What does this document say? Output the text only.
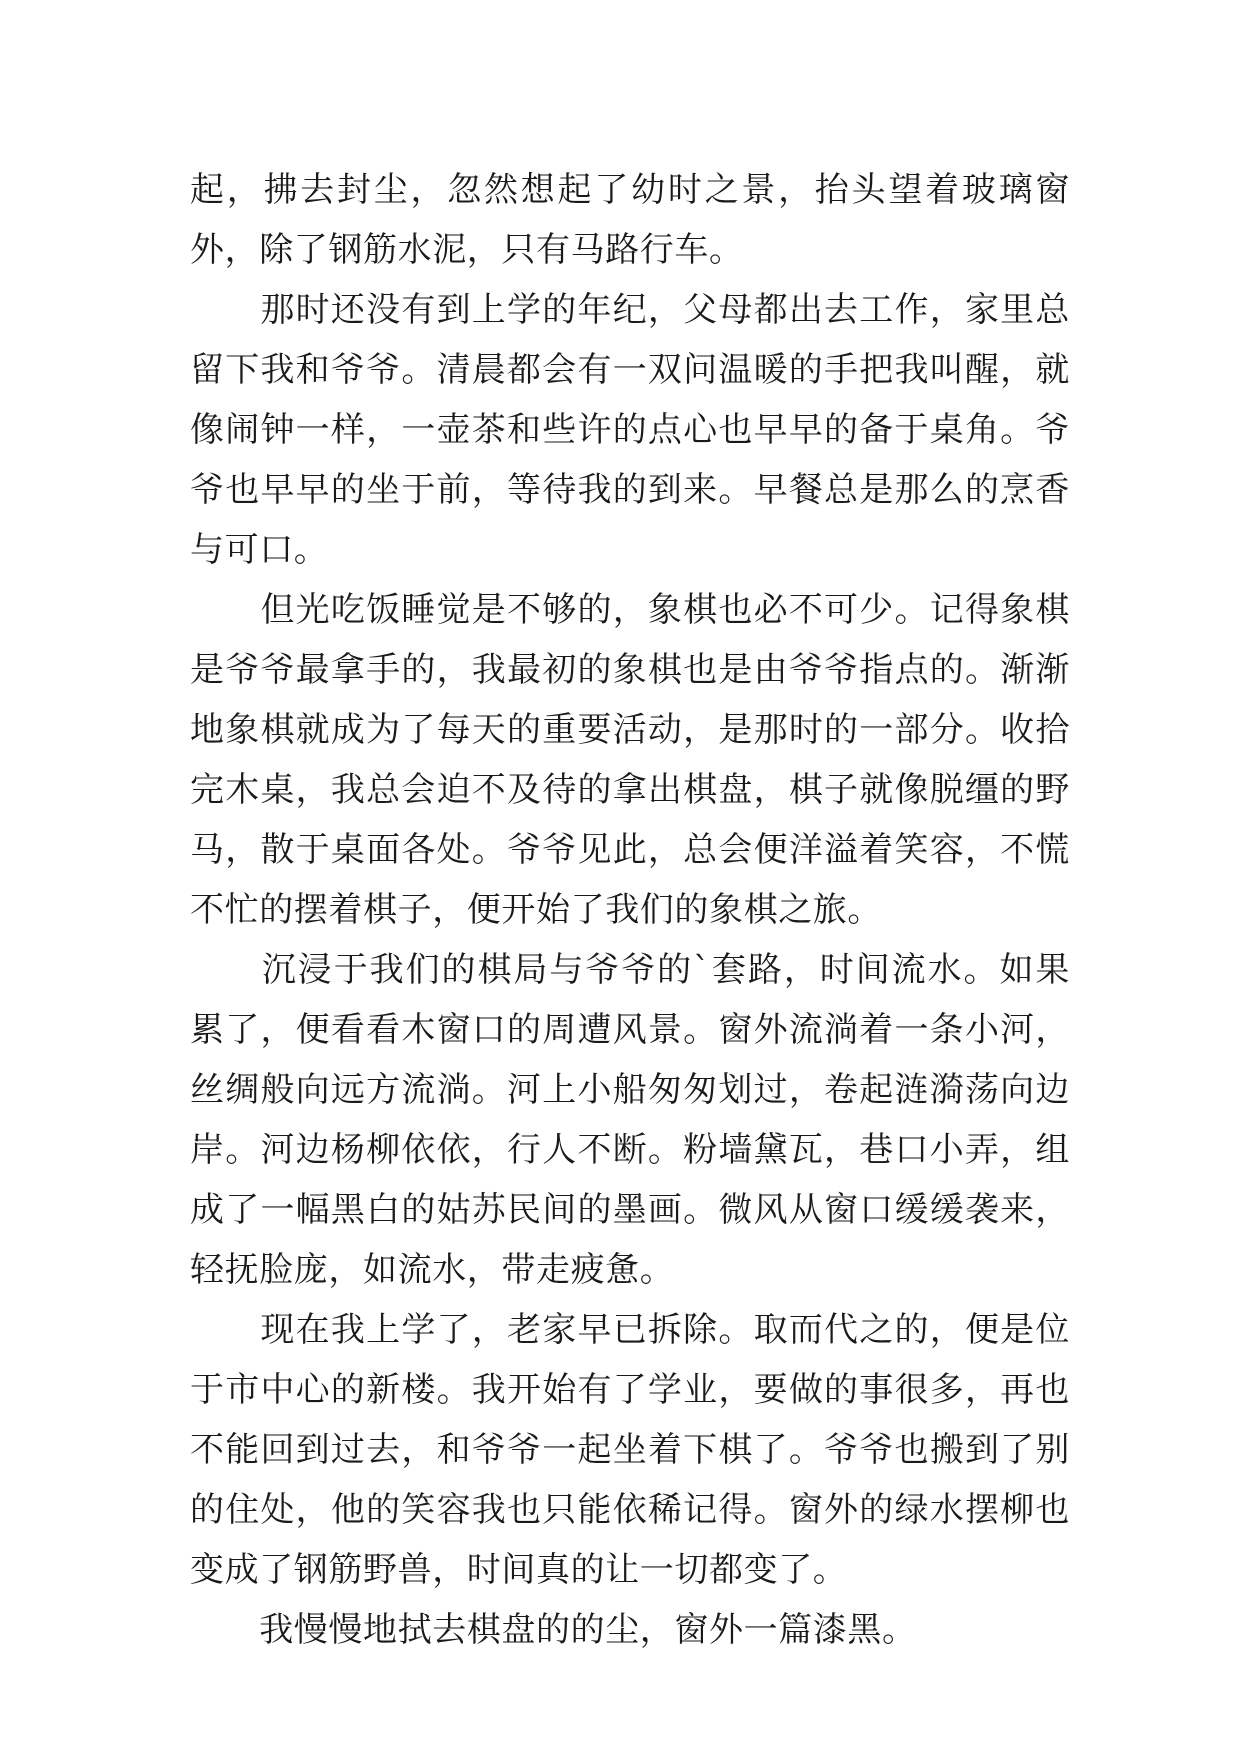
起，拂去封尘，忽然想起了幼时之景，抬头望着玻璃窗外，除了钢筋水泥，只有马路行车。

　　那时还没有到上学的年纪，父母都出去工作，家里总留下我和爷爷。清晨都会有一双问温暖的手把我叫醒，就像闹钟一样，一壶茶和些许的点心也早早的备于桌角。爷爷也早早的坐于前，等待我的到来。早餐总是那么的烹香与可口。

　　但光吃饭睡觉是不够的，象棋也必不可少。记得象棋是爷爷最拿手的，我最初的象棋也是由爷爷指点的。渐渐地象棋就成为了每天的重要活动，是那时的一部分。收拾完木桌，我总会迫不及待的拿出棋盘，棋子就像脱缰的野马，散于桌面各处。爷爷见此，总会便洋溢着笑容，不慌不忙的摆着棋子，便开始了我们的象棋之旅。

　　沉浸于我们的棋局与爷爷的`套路，时间流水。如果累了，便看看木窗口的周遭风景。窗外流淌着一条小河，丝绸般向远方流淌。河上小船匆匆划过，卷起涟漪荡向边岸。河边杨柳依依，行人不断。粉墙黛瓦，巷口小弄，组成了一幅黑白的姑苏民间的墨画。微风从窗口缓缓袭来，轻抚脸庞，如流水，带走疲惫。

　　现在我上学了，老家早已拆除。取而代之的，便是位于市中心的新楼。我开始有了学业，要做的事很多，再也不能回到过去，和爷爷一起坐着下棋了。爷爷也搬到了别的住处，他的笑容我也只能依稀记得。窗外的绿水摆柳也变成了钢筋野兽，时间真的让一切都变了。

　　我慢慢地拭去棋盘的的尘，窗外一篇漆黑。
